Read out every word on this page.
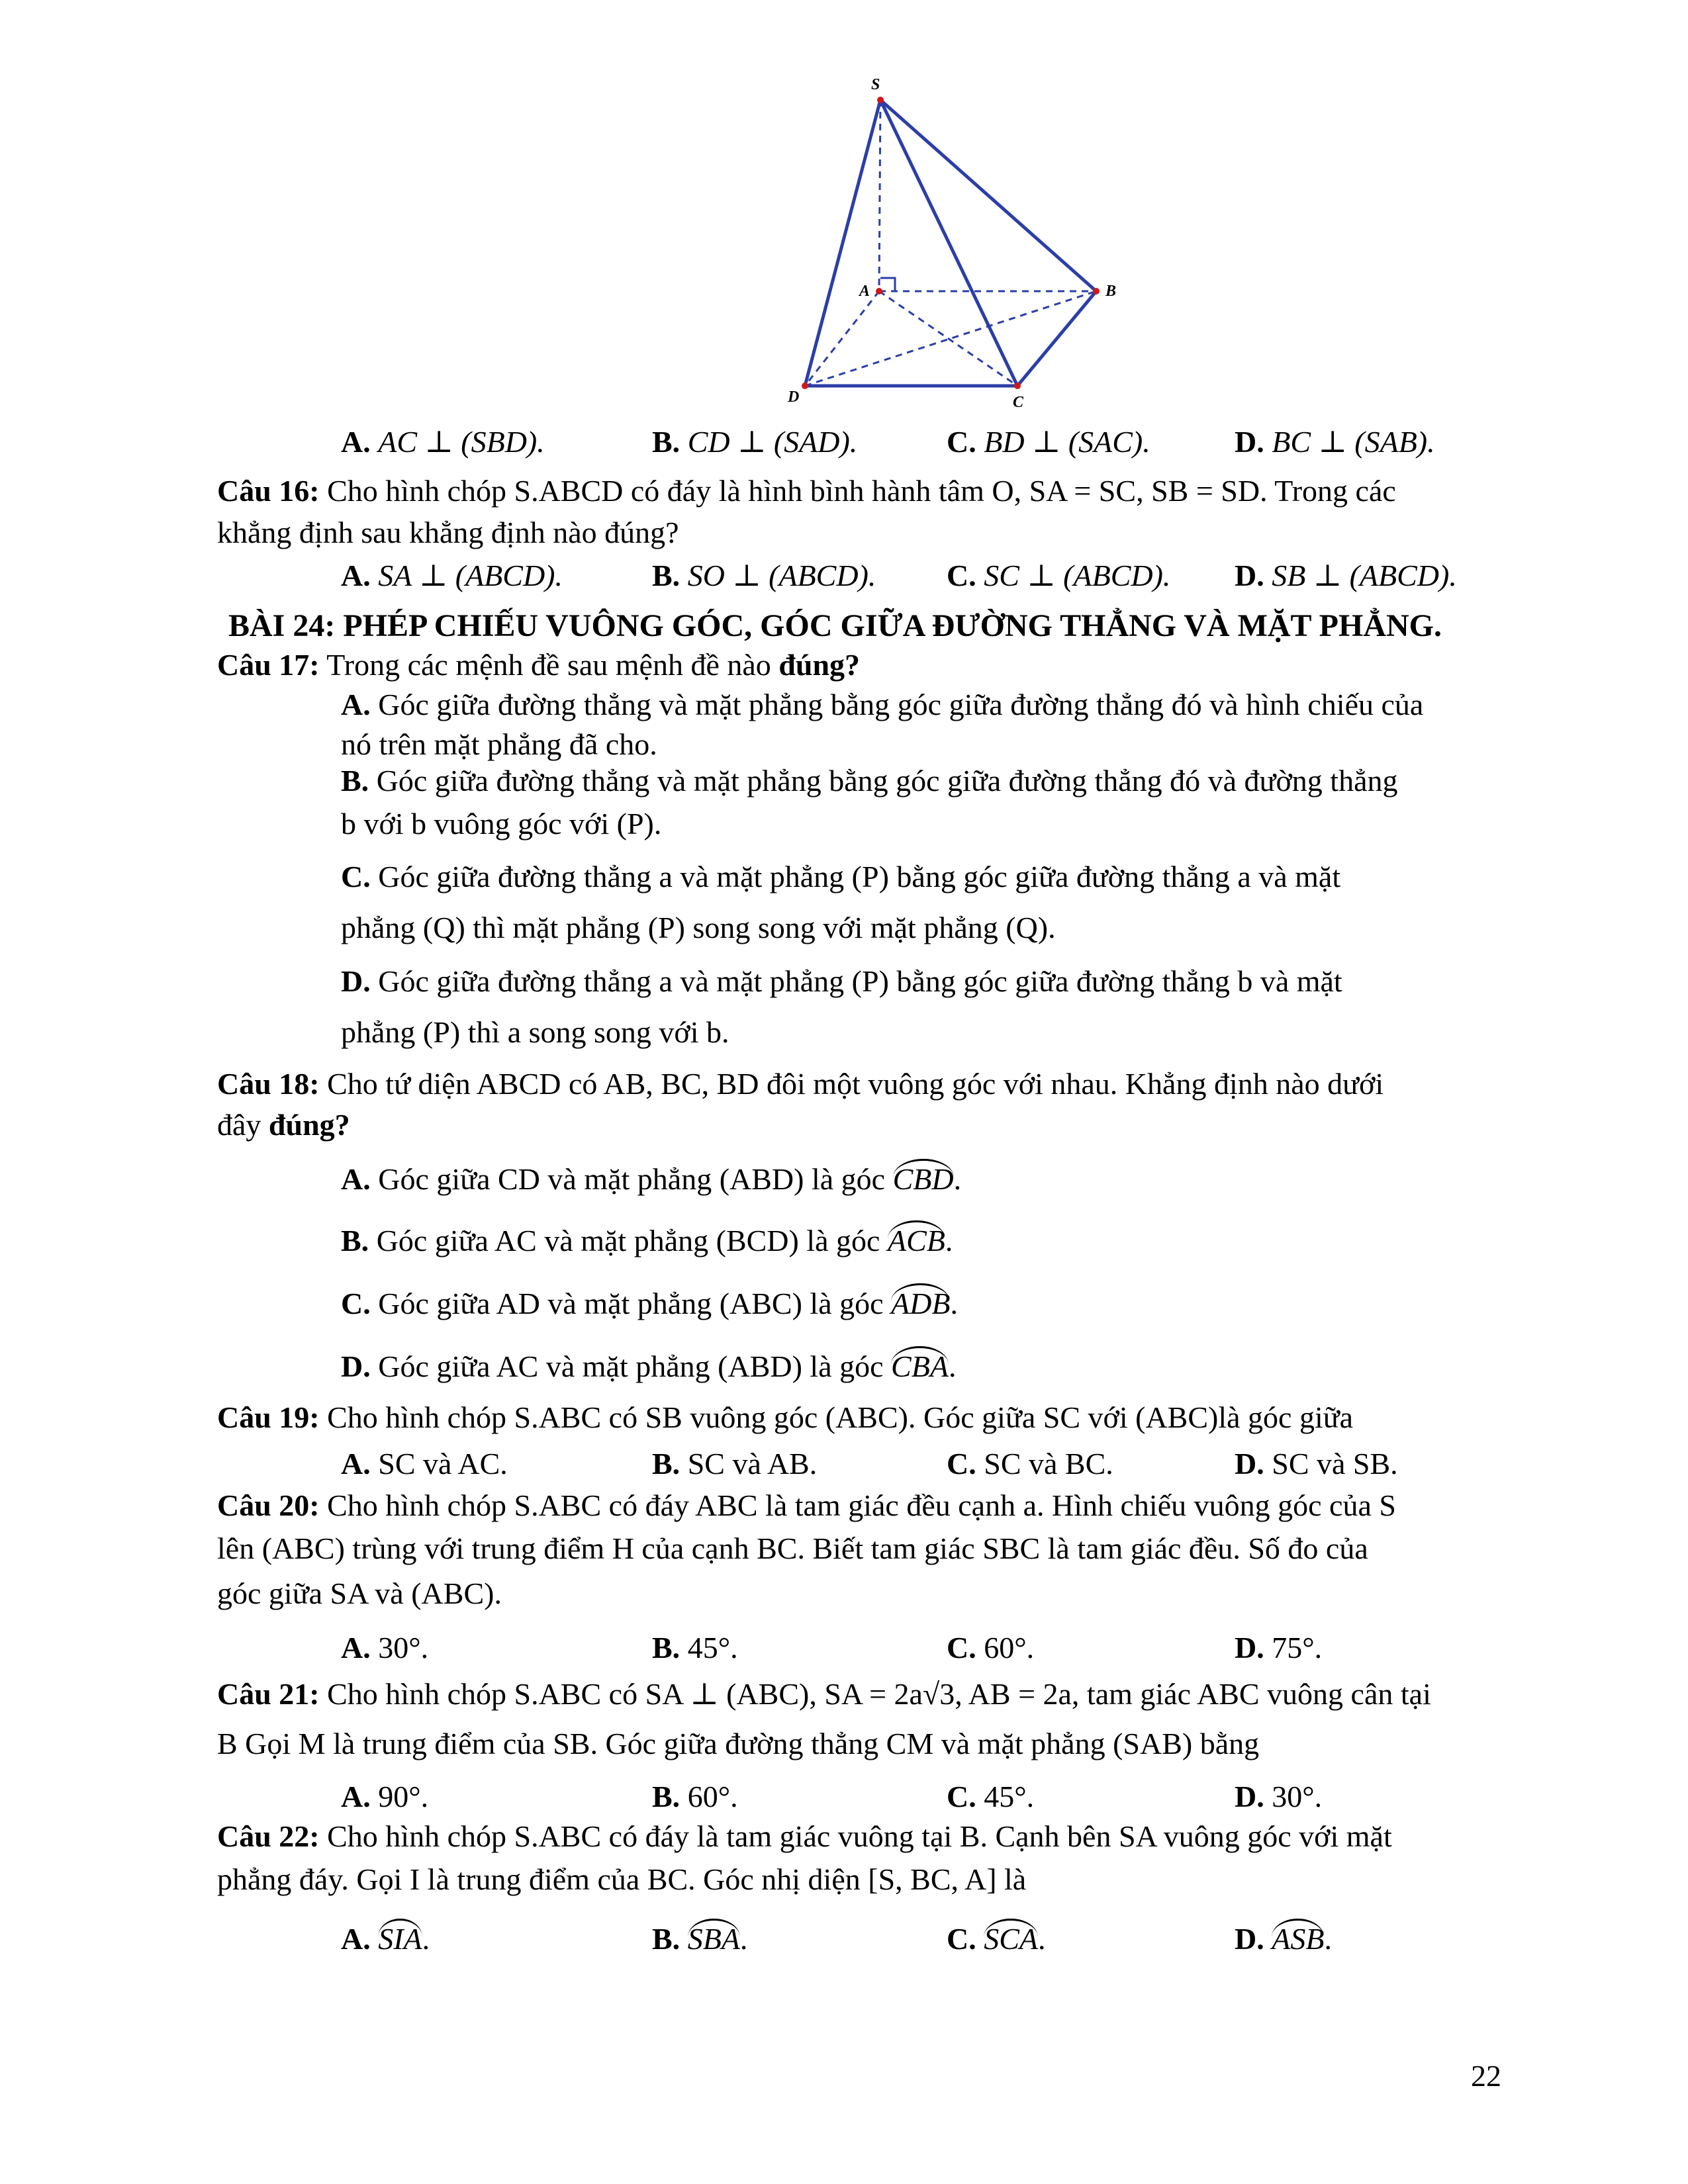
S
A	B
C
D
A. AC ⊥ (SBD).	B. CD ⊥ (SAD).	C. BD ⊥ (SAC).	D. BC ⊥ (SAB).
Câu 16: Cho hình chóp S.ABCD có đáy là hình bình hành tâm O, SA = SC, SB = SD. Trong các
khẳng định sau khẳng định nào đúng?
A. SA ⊥ (ABCD).	B. SO ⊥ (ABCD). C. SC ⊥ (ABCD). D. SB ⊥ (ABCD).
BÀI 24: PHÉP CHIẾU VUÔNG GÓC, GÓC GIỮA ĐƯỜNG THẲNG VÀ MẶT PHẲNG.
Câu 17: Trong các mệnh đề sau mệnh đề nào đúng?
A. Góc giữa đường thẳng và mặt phẳng bằng góc giữa đường thẳng đó và hình chiếu của
nó trên mặt phẳng đã cho.
B. Góc giữa đường thẳng và mặt phẳng bằng góc giữa đường thẳng đó và đường thẳng
b với b vuông góc với (P).
C. Góc giữa đường thẳng a và mặt phẳng (P) bằng góc giữa đường thẳng a và mặt
phẳng (Q) thì mặt phẳng (P) song song với mặt phẳng (Q).
D. Góc giữa đường thẳng a và mặt phẳng (P) bằng góc giữa đường thẳng b và mặt
phẳng (P) thì a song song với b.
Câu 18: Cho tứ diện ABCD có AB, BC, BD đôi một vuông góc với nhau. Khẳng định nào dưới
đây đúng?
A. Góc giữa CD và mặt phẳng (ABD) là góc CBD.
B. Góc giữa AC và mặt phẳng (BCD) là góc ACB.
C. Góc giữa AD và mặt phẳng (ABC) là góc ADB.
D. Góc giữa AC và mặt phẳng (ABD) là góc CBA.
Câu 19: Cho hình chóp S.ABC có SB vuông góc (ABC). Góc giữa SC với (ABC)là góc giữa
A. SC và AC.	B. SC và AB.	C. SC và BC.	D. SC và SB.
Câu 20: Cho hình chóp S.ABC có đáy ABC là tam giác đều cạnh a. Hình chiếu vuông góc của S
lên (ABC) trùng với trung điểm H của cạnh BC. Biết tam giác SBC là tam giác đều. Số đo của
góc giữa SA và (ABC).
A. 30°.	B. 45°.	C. 60°.	D. 75°.
Câu 21: Cho hình chóp S.ABC có SA ⊥ (ABC), SA = 2a√3, AB = 2a, tam giác ABC vuông cân tại
B Gọi M là trung điểm của SB. Góc giữa đường thẳng CM và mặt phẳng (SAB) bằng
A. 90°.	B. 60°.	C. 45°.	D. 30°.
Câu 22: Cho hình chóp S.ABC có đáy là tam giác vuông tại B. Cạnh bên SA vuông góc với mặt
phẳng đáy. Gọi I là trung điểm của BC. Góc nhị diện [S, BC, A] là
A. SIA.	B. SBA.	C. SCA.	D. ASB.
22
